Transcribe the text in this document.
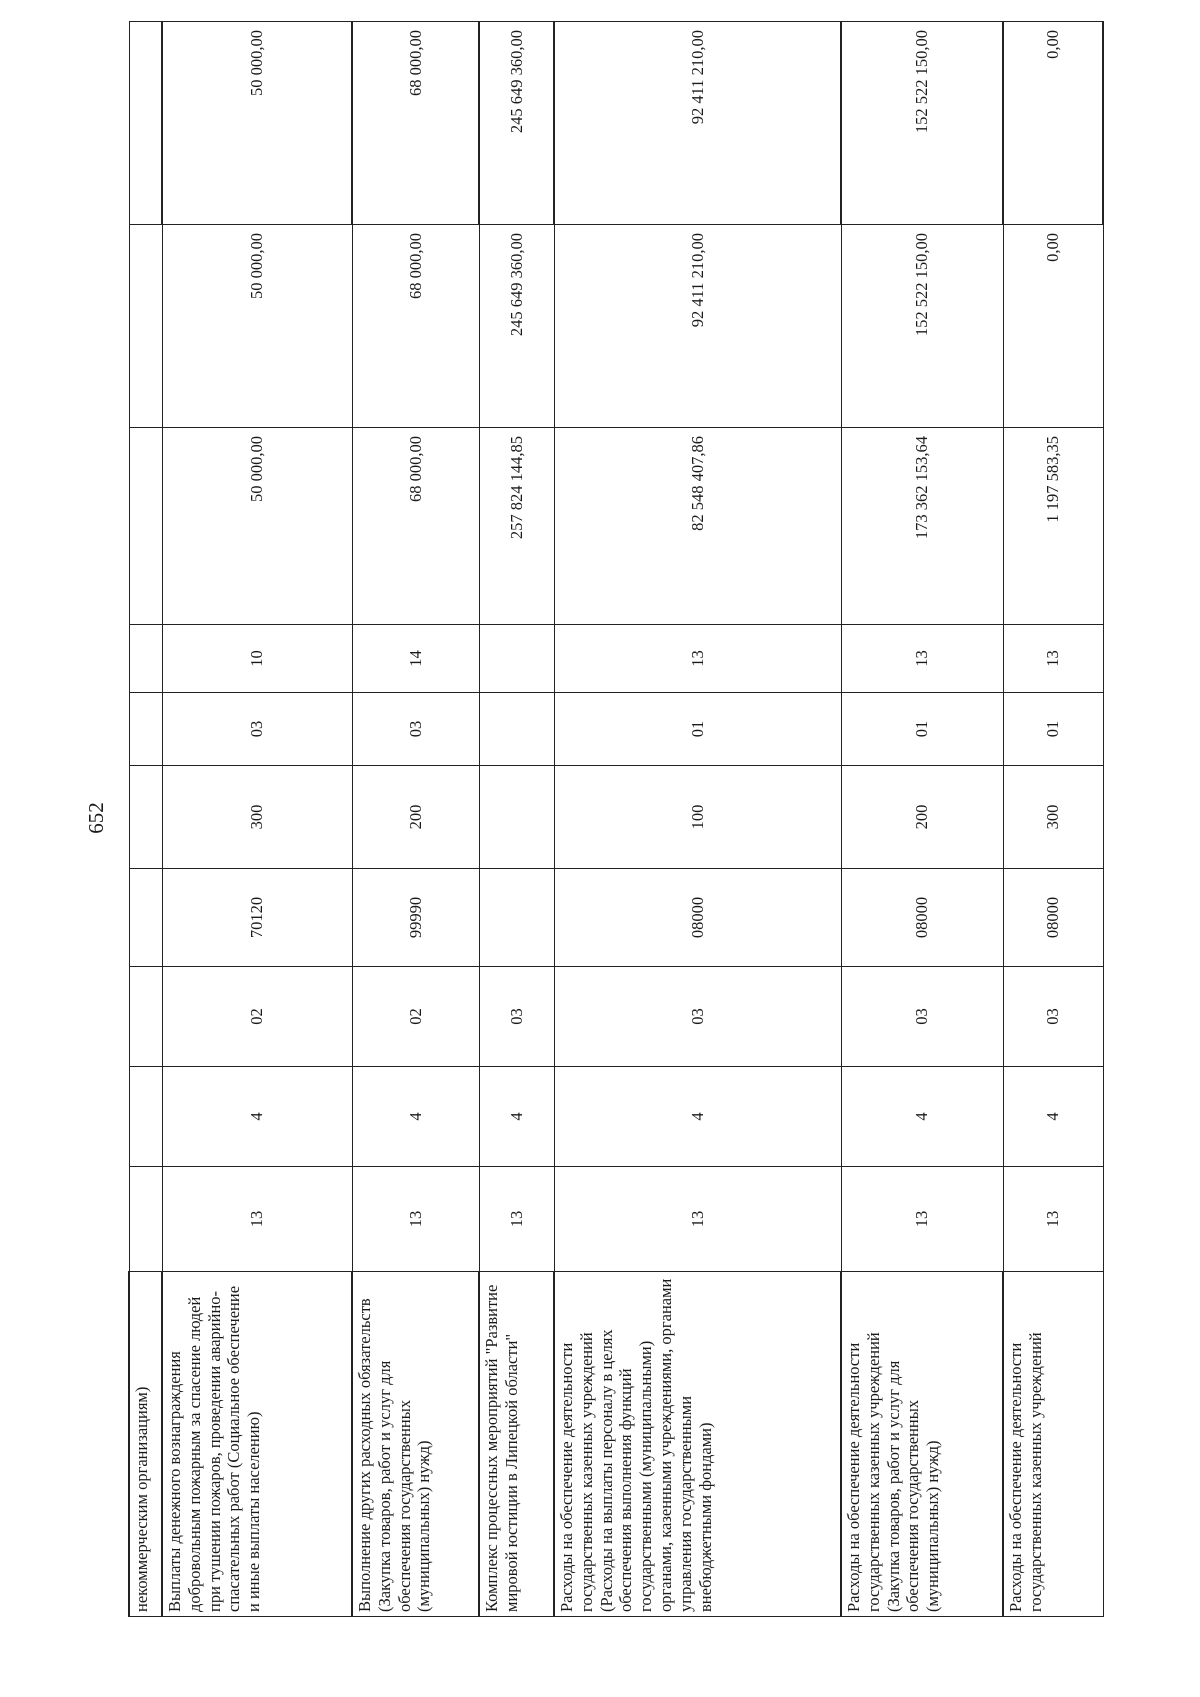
652
некоммерческим организациям)										

Выплаты денежного вознаграждения добровольным пожарным за спасение людей при тушении пожаров, проведении аварийно-спасательных работ (Социальное обеспечение и иные выплаты населению)	13	4	02	70120	300	03	10	50 000,00	50 000,00	50 000,00

Выполнение других расходных обязательств (Закупка товаров, работ и услуг для обеспечения государственных (муниципальных) нужд)	13	4	02	99990	200	03	14	68 000,00	68 000,00	68 000,00

Комплекс процессных мероприятий "Развитие мировой юстиции в Липецкой области"	13	4	03					257 824 144,85	245 649 360,00	245 649 360,00

Расходы на обеспечение деятельности государственных казенных учреждений (Расходы на выплаты персоналу в целях обеспечения выполнения функций государственными (муниципальными) органами, казенными учреждениями, органами управления государственными внебюджетными фондами)	13	4	03	08000	100	01	13	82 548 407,86	92 411 210,00	92 411 210,00

Расходы на обеспечение деятельности государственных казенных учреждений (Закупка товаров, работ и услуг для обеспечения государственных (муниципальных) нужд)	13	4	03	08000	200	01	13	173 362 153,64	152 522 150,00	152 522 150,00

Расходы на обеспечение деятельности государственных казенных учреждений	13	4	03	08000	300	01	13	1 197 583,35	0,00	0,00
